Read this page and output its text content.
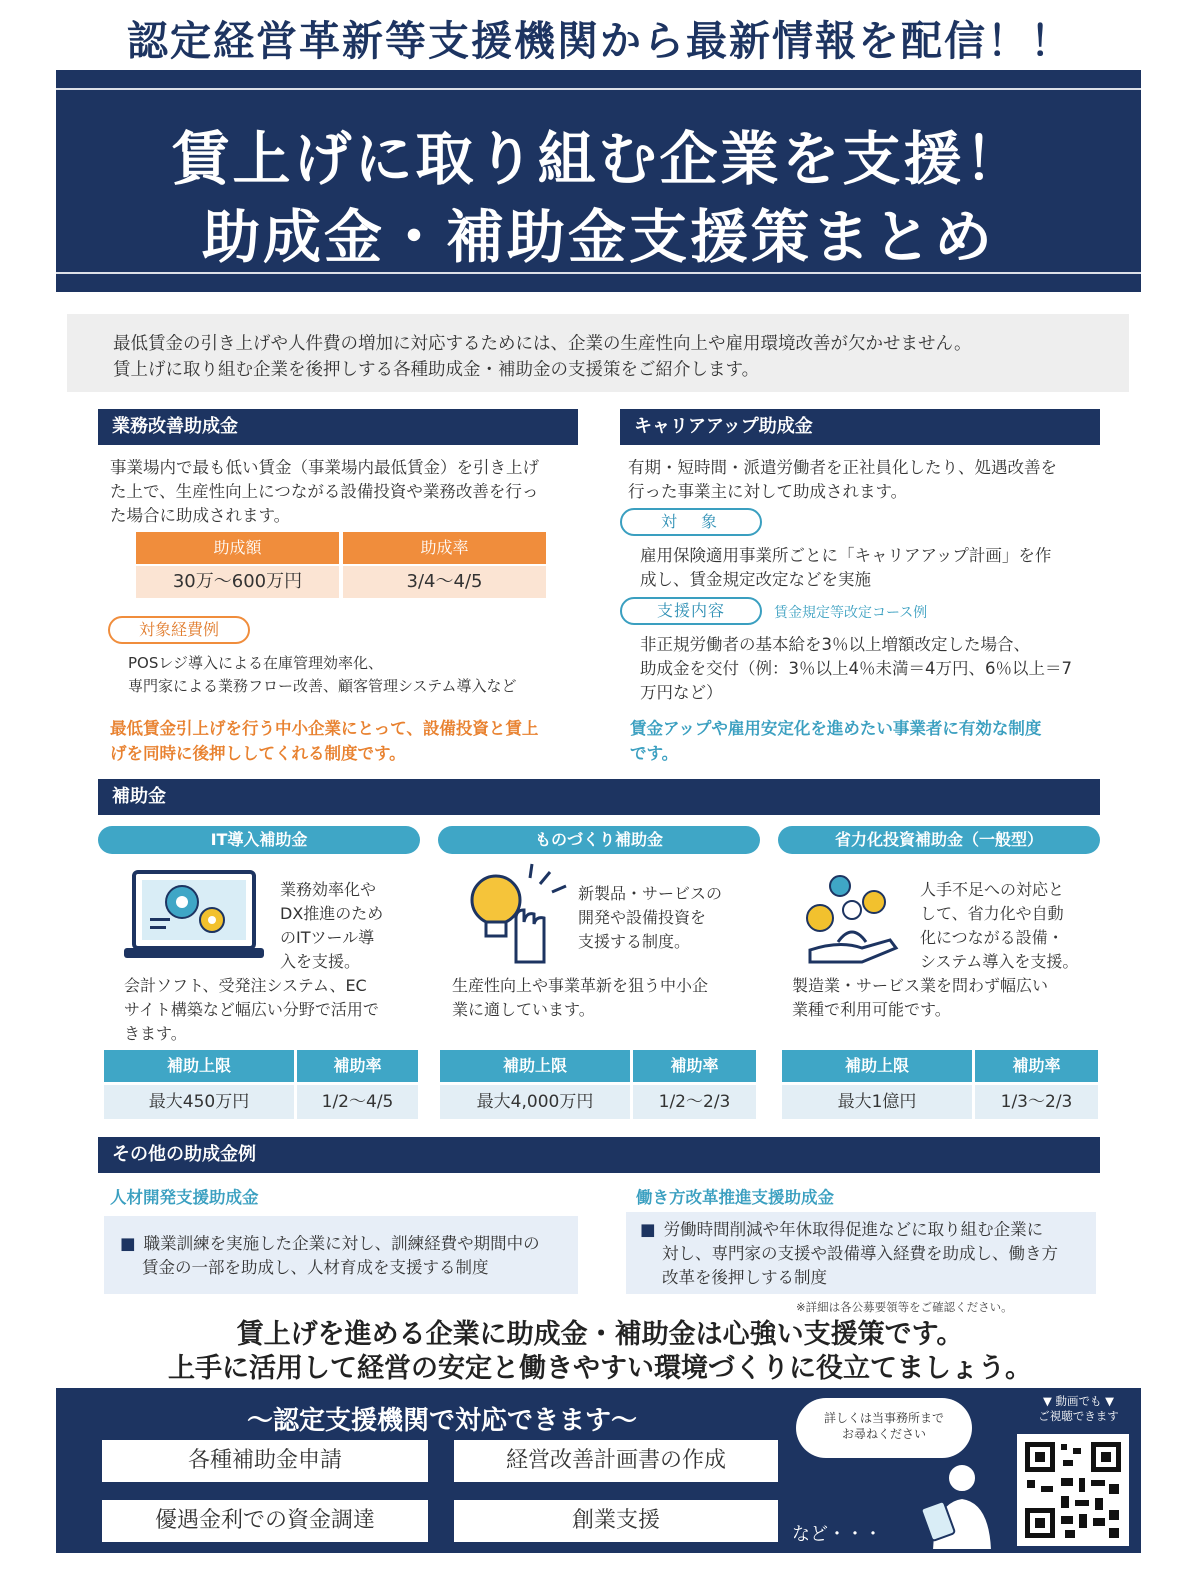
認定経営革新等支援機関から最新情報を配信！！
賃上げに取り組む企業を支援！
助成金・補助金支援策まとめ

最低賃金の引き上げや人件費の増加に対応するためには、企業の生産性向上や雇用環境改善が欠かせません。

賃上げに取り組む企業を後押しする各種助成金・補助金の支援策をご紹介します。

業務改善助成金
事業場内で最も低い賃金（事業場内最低賃金）を引き上げ
た上で、生産性向上につながる設備投資や業務改善を行っ
た場合に助成されます。
助成額	助成率
30万～600万円	3/4～4/5
対象経費例
POSレジ導入による在庫管理効率化、
専門家による業務フロー改善、顧客管理システム導入など
最低賃金引上げを行う中小企業にとって、設備投資と賃上
げを同時に後押ししてくれる制度です。
キャリアアップ助成金
有期・短時間・派遣労働者を正社員化したり、処遇改善を
行った事業主に対して助成されます。
対　象
雇用保険適用事業所ごとに「キャリアアップ計画」を作
成し、賃金規定改定などを実施
支援内容	賃金規定等改定コース例
非正規労働者の基本給を3％以上増額改定した場合、
助成金を交付（例：3％以上4％未満＝4万円、6％以上＝7
万円など）
賃金アップや雇用安定化を進めたい事業者に有効な制度
です。
補助金
IT導入補助金
業務効率化や
DX推進のため
のITツール導
入を支援。
会計ソフト、受発注システム、EC
サイト構築など幅広い分野で活用で
きます。
補助上限	補助率
最大450万円	1/2～4/5
ものづくり補助金
新製品・サービスの
開発や設備投資を
支援する制度。
生産性向上や事業革新を狙う中小企
業に適しています。
補助上限	補助率
最大4,000万円	1/2～2/3
省力化投資補助金（一般型）
人手不足への対応と
して、省力化や自動
化につながる設備・
システム導入を支援。
製造業・サービス業を問わず幅広い
業種で利用可能です。
補助上限	補助率
最大1億円	1/3～2/3
その他の助成金例
人材開発支援助成金
■ 職業訓練を実施した企業に対し、訓練経費や期間中の
賃金の一部を助成し、人材育成を支援する制度
働き方改革推進支援助成金
■ 労働時間削減や年休取得促進などに取り組む企業に
対し、専門家の支援や設備導入経費を助成し、働き方
改革を後押しする制度
※詳細は各公募要領等をご確認ください。
賃上げを進める企業に助成金・補助金は心強い支援策です。
上手に活用して経営の安定と働きやすい環境づくりに役立てましょう。
～認定支援機関で対応できます～
各種補助金申請	経営改善計画書の作成
優遇金利での資金調達	創業支援
など・・・
詳しくは当事務所まで
お尋ねください
▼ 動画でも ▼
ご視聴できます
